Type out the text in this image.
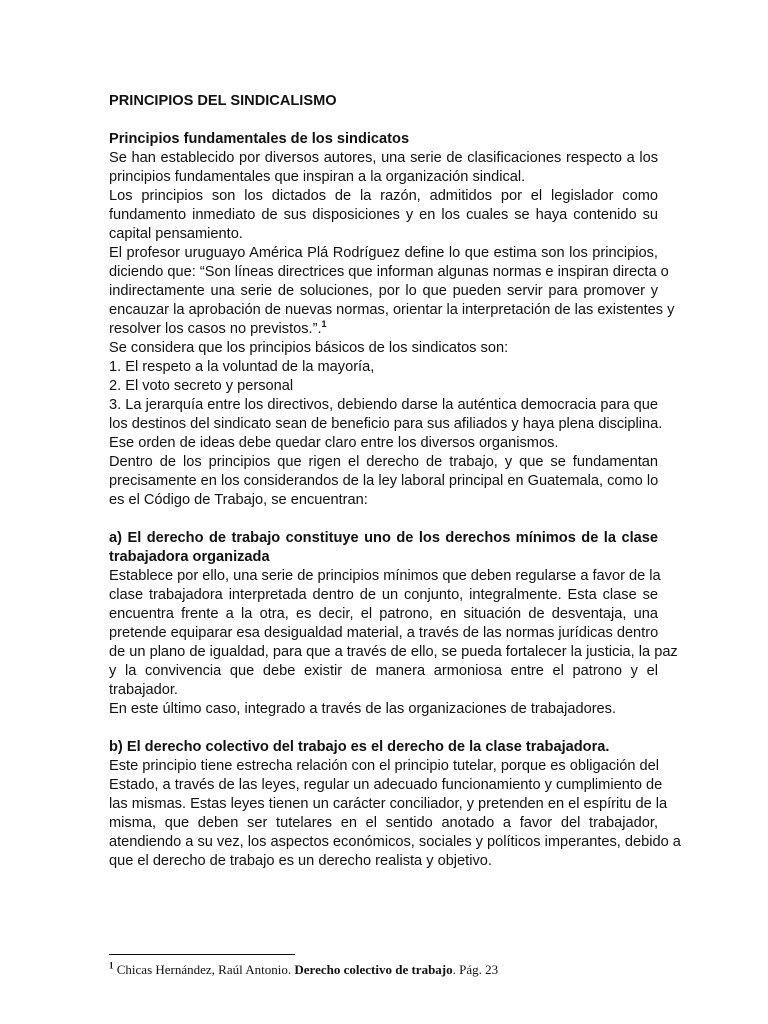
PRINCIPIOS DEL SINDICALISMO
Principios fundamentales de los sindicatos
Se han establecido por diversos autores, una serie de clasificaciones respecto a los
principios fundamentales que inspiran a la organización sindical.
Los principios son los dictados de la razón, admitidos por el legislador como
fundamento inmediato de sus disposiciones y en los cuales se haya contenido su
capital pensamiento.
El profesor uruguayo América Plá Rodríguez define lo que estima son los principios,
diciendo que: “Son líneas directrices que informan algunas normas e inspiran directa o
indirectamente una serie de soluciones, por lo que pueden servir para promover y
encauzar la aprobación de nuevas normas, orientar la interpretación de las existentes y
resolver los casos no previstos.”.$^1$
Se considera que los principios básicos de los sindicatos son:
1. El respeto a la voluntad de la mayoría,
2. El voto secreto y personal
3. La jerarquía entre los directivos, debiendo darse la auténtica democracia para que
los destinos del sindicato sean de beneficio para sus afiliados y haya plena disciplina.
Ese orden de ideas debe quedar claro entre los diversos organismos.
Dentro de los principios que rigen el derecho de trabajo, y que se fundamentan
precisamente en los considerandos de la ley laboral principal en Guatemala, como lo
es el Código de Trabajo, se encuentran:
a) El derecho de trabajo constituye uno de los derechos mínimos de la clase
trabajadora organizada
Establece por ello, una serie de principios mínimos que deben regularse a favor de la
clase trabajadora interpretada dentro de un conjunto, integralmente. Esta clase se
encuentra frente a la otra, es decir, el patrono, en situación de desventaja, una
pretende equiparar esa desigualdad material, a través de las normas jurídicas dentro
de un plano de igualdad, para que a través de ello, se pueda fortalecer la justicia, la paz
y la convivencia que debe existir de manera armoniosa entre el patrono y el
trabajador.
En este último caso, integrado a través de las organizaciones de trabajadores.
b) El derecho colectivo del trabajo es el derecho de la clase trabajadora.
Este principio tiene estrecha relación con el principio tutelar, porque es obligación del
Estado, a través de las leyes, regular un adecuado funcionamiento y cumplimiento de
las mismas. Estas leyes tienen un carácter conciliador, y pretenden en el espíritu de la
misma, que deben ser tutelares en el sentido anotado a favor del trabajador,
atendiendo a su vez, los aspectos económicos, sociales y políticos imperantes, debido a
que el derecho de trabajo es un derecho realista y objetivo.
$^1$ Chicas Hernández, Raúl Antonio. Derecho colectivo de trabajo. Pág. 23
